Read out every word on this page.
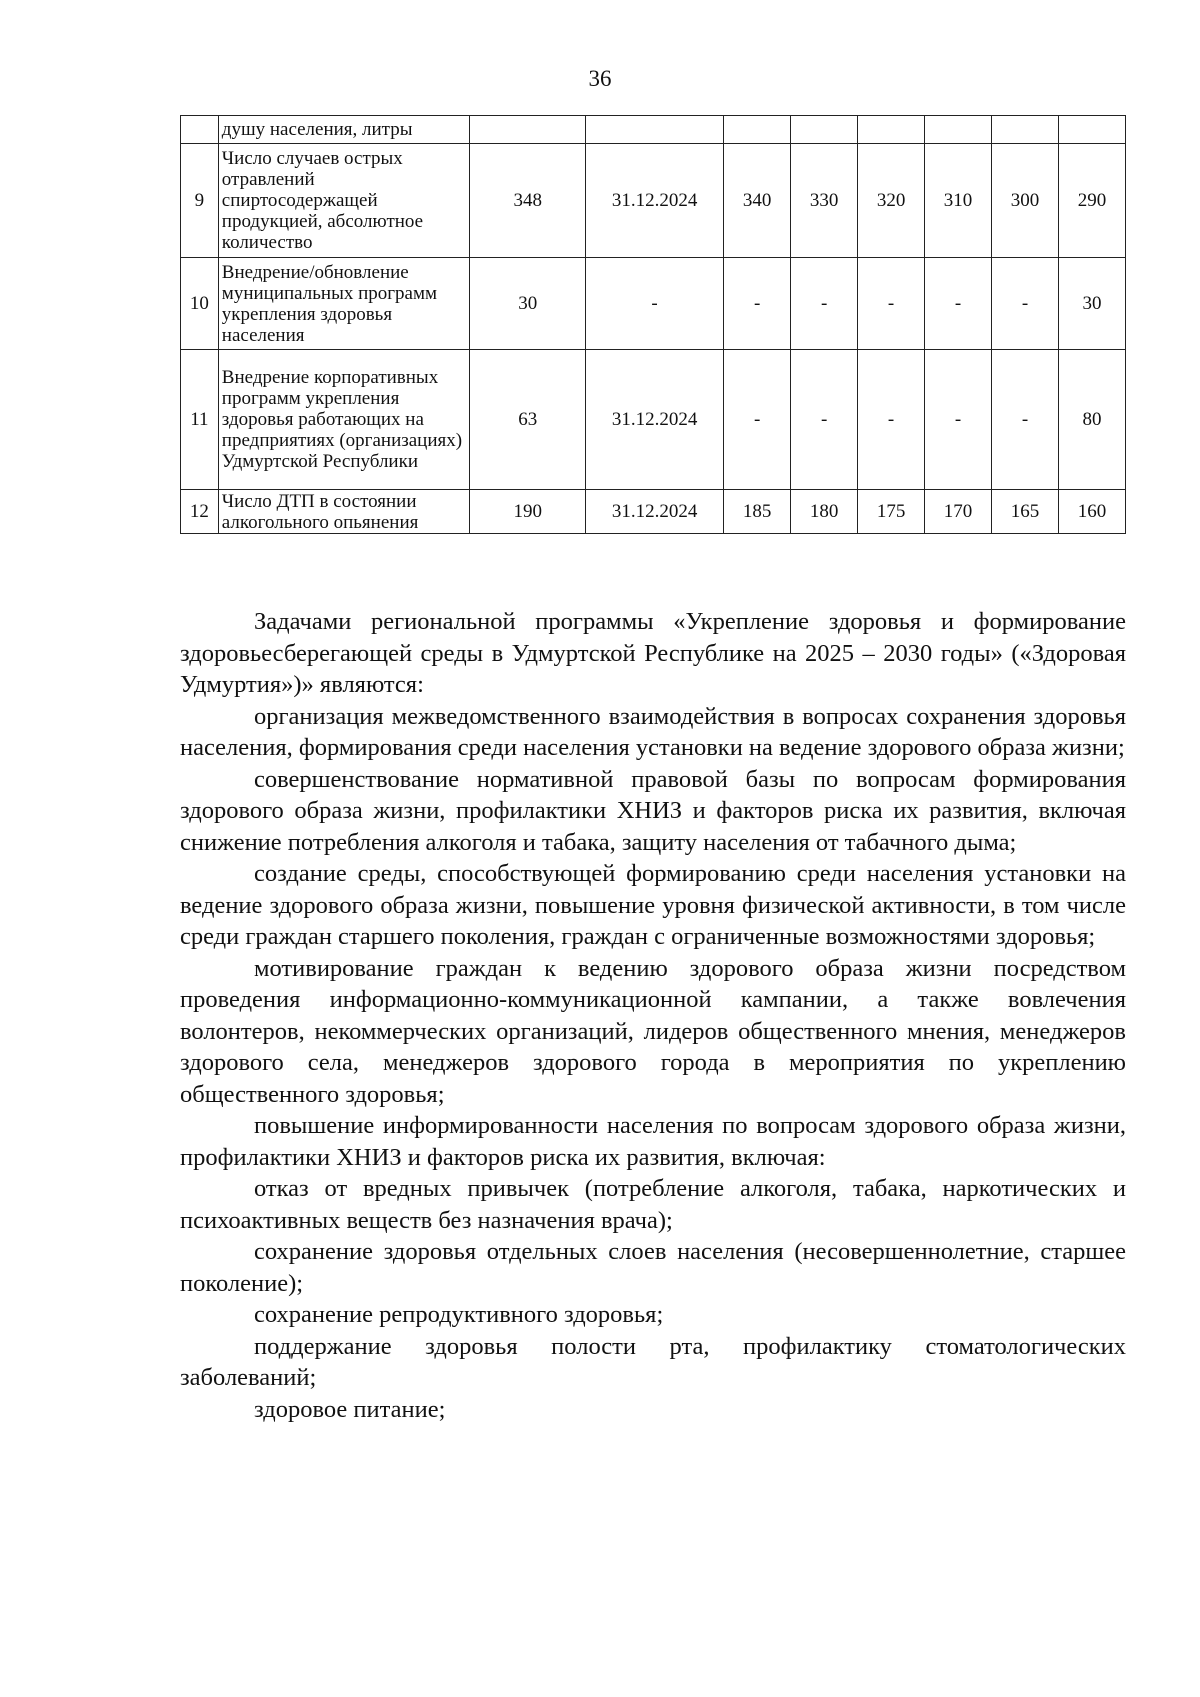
36
	душу населения, литры								
9	Число случаев острых отравлений спиртосодержащей продукцией, абсолютное количество	348	31.12.2024	340	330	320	310	300	290
10	Внедрение/обновление муниципальных программ укрепления здоровья населения	30	-	-	-	-	-	-	30
11	Внедрение корпоративных программ укрепления здоровья работающих на предприятиях (организациях) Удмуртской Республики	63	31.12.2024	-	-	-	-	-	80
12	Число ДТП в состоянии алкогольного опьянения	190	31.12.2024	185	180	175	170	165	160

Задачами региональной программы «Укрепление здоровья и формирование здоровьесберегающей среды в Удмуртской Республике на 2025 – 2030 годы» («Здоровая Удмуртия»)» являются:

организация межведомственного взаимодействия в вопросах сохранения здоровья населения, формирования среди населения установки на ведение здорового образа жизни;

совершенствование нормативной правовой базы по вопросам формирования здорового образа жизни, профилактики ХНИЗ и факторов риска их развития, включая снижение потребления алкоголя и табака, защиту населения от табачного дыма;

создание среды, способствующей формированию среди населения установки на ведение здорового образа жизни, повышение уровня физической активности, в том числе среди граждан старшего поколения, граждан с ограниченные возможностями здоровья;

мотивирование граждан к ведению здорового образа жизни посредством проведения информационно-коммуникационной кампании, а также вовлечения волонтеров, некоммерческих организаций, лидеров общественного мнения, менеджеров здорового села, менеджеров здорового города в мероприятия по укреплению общественного здоровья;

повышение информированности населения по вопросам здорового образа жизни, профилактики ХНИЗ и факторов риска их развития, включая:

отказ от вредных привычек (потребление алкоголя, табака, наркотических и психоактивных веществ без назначения врача);

сохранение здоровья отдельных слоев населения (несовершеннолетние, старшее поколение);

сохранение репродуктивного здоровья;

поддержание здоровья полости рта, профилактику стоматологических заболеваний;

здоровое питание;
